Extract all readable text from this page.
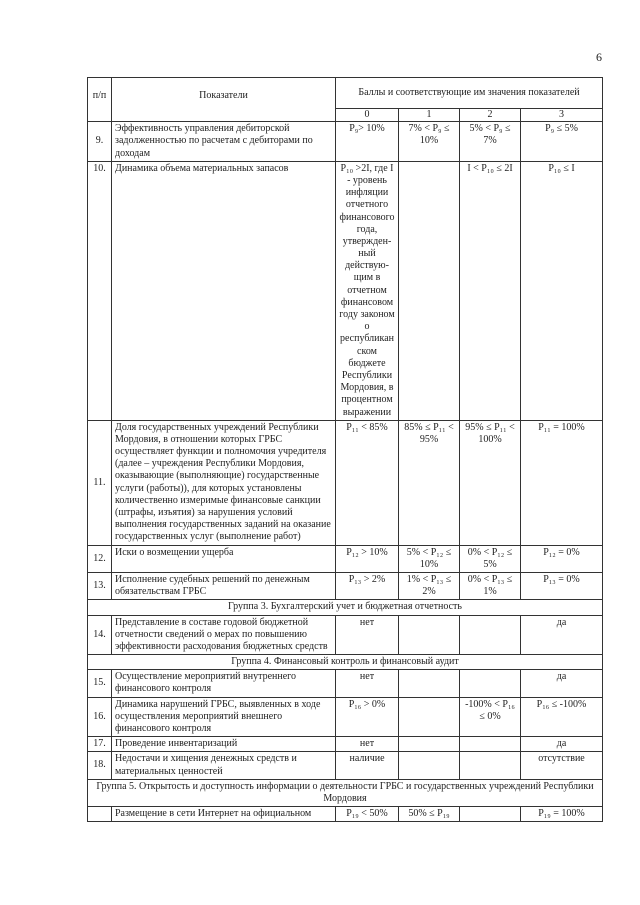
6
п/п	Показатели	Баллы и соответствующие им значения показателей			
		0	1	2	3
9.	Эффективность управления дебиторской задолженностью по расчетам с дебиторами по доходам	P₉> 10%	7% < P₉ ≤ 10%	5% < P₉ ≤ 7%	P₉ ≤ 5%
10.	Динамика объема материальных запасов	P₁₀ >2I, где I - уровень инфляции отчетного финансового года, утвержден- ный действую- щим в отчетном финансовом году законом о республикан ском бюджете Республики Мордовия, в процентном выражении		I < P₁₀ ≤ 2I	P₁₀ ≤ I
11.	Доля государственных учреждений Республики Мордовия, в отношении которых ГРБС осуществляет функции и полномочия учредителя (далее – учреждения Республики Мордовия, оказывающие (выполняющие) государственные услуги (работы)), для которых установлены количественно измеримые финансовые санкции (штрафы, изъятия) за нарушения условий выполнения государственных заданий на оказание государственных услуг (выполнение работ)	P₁₁ < 85%	85% ≤ P₁₁ < 95%	95% ≤ P₁₁ < 100%	P₁₁ = 100%
12.	Иски о возмещении ущерба	P₁₂ > 10%	5% < P₁₂ ≤ 10%	0% < P₁₂ ≤ 5%	P₁₂ = 0%
13.	Исполнение судебных решений по денежным обязательствам ГРБС	P₁₃ > 2%	1% < P₁₃ ≤ 2%	0% < P₁₃ ≤ 1%	P₁₃ = 0%
Группа 3. Бухгалтерский учет и бюджетная отчетность					
14.	Представление в составе годовой бюджетной отчетности сведений о мерах по повышению эффективности расходования бюджетных средств	нет			да
Группа 4. Финансовый контроль и финансовый аудит					
15.	Осуществление мероприятий внутреннего финансового контроля	нет			да
16.	Динамика нарушений ГРБС, выявленных в ходе осуществления мероприятий внешнего финансового контроля	P₁₆ > 0%		-100% < P₁₆ ≤ 0%	P₁₆ ≤ -100%
17.	Проведение инвентаризаций	нет			да
18.	Недостачи и хищения денежных средств и материальных ценностей	наличие			отсутствие
Группа 5. Открытость и доступность информации о деятельности ГРБС и государственных учреждений Республики Мордовия					
	Размещение в сети Интернет на официальном	P₁₉ < 50%	50% ≤ P₁₉		P₁₉ = 100%
